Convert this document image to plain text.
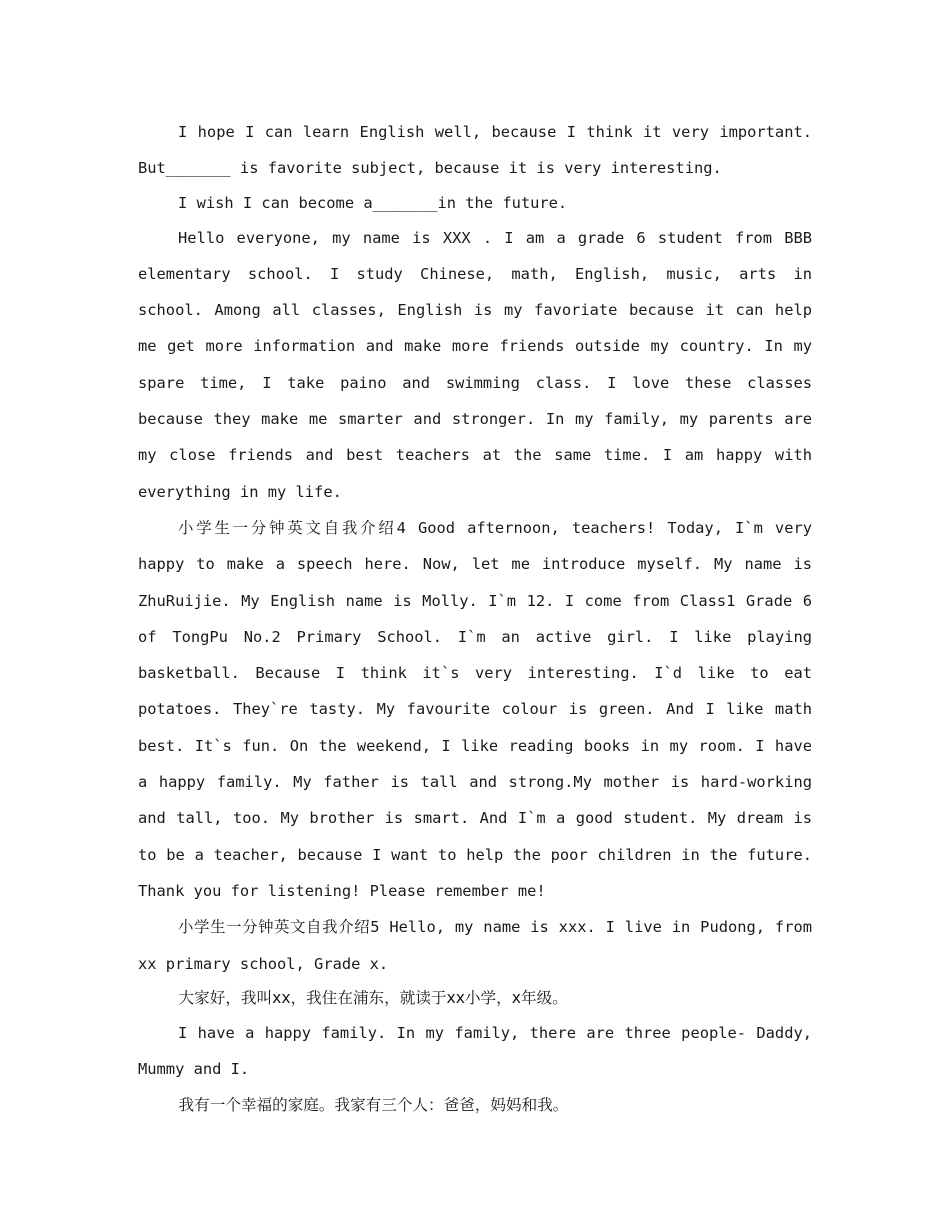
I hope I can learn English well, because I think it very important. But_______ is favorite subject, because it is very interesting.

I wish I can become a_______in the future.

Hello everyone, my name is XXX . I am a grade 6 student from BBB elementary school. I study Chinese, math, English, music, arts in school. Among all classes, English is my favoriate because it can help me get more information and make more friends outside my country. In my spare time, I take paino and swimming class. I love these classes because they make me smarter and stronger. In my family, my parents are my close friends and best teachers at the same time. I am happy with everything in my life.

小学生一分钟英文自我介绍4 Good afternoon, teachers! Today, I`m very happy to make a speech here. Now, let me introduce myself. My name is ZhuRuijie. My English name is Molly. I`m 12. I come from Class1 Grade 6 of TongPu No.2 Primary School. I`m an active girl. I like playing basketball. Because I think it`s very interesting. I`d like to eat potatoes. They`re tasty. My favourite colour is green. And I like math best. It`s fun. On the weekend, I like reading books in my room. I have a happy family. My father is tall and strong.My mother is hard-working and tall, too. My brother is smart. And I`m a good student. My dream is to be a teacher, because I want to help the poor children in the future. Thank you for listening! Please remember me!

小学生一分钟英文自我介绍5 Hello, my name is xxx. I live in Pudong, from xx primary school, Grade x.

大家好，我叫xx，我住在浦东，就读于xx小学，x年级。

I have a happy family. In my family, there are three people- Daddy, Mummy and I.

我有一个幸福的家庭。我家有三个人：爸爸，妈妈和我。
